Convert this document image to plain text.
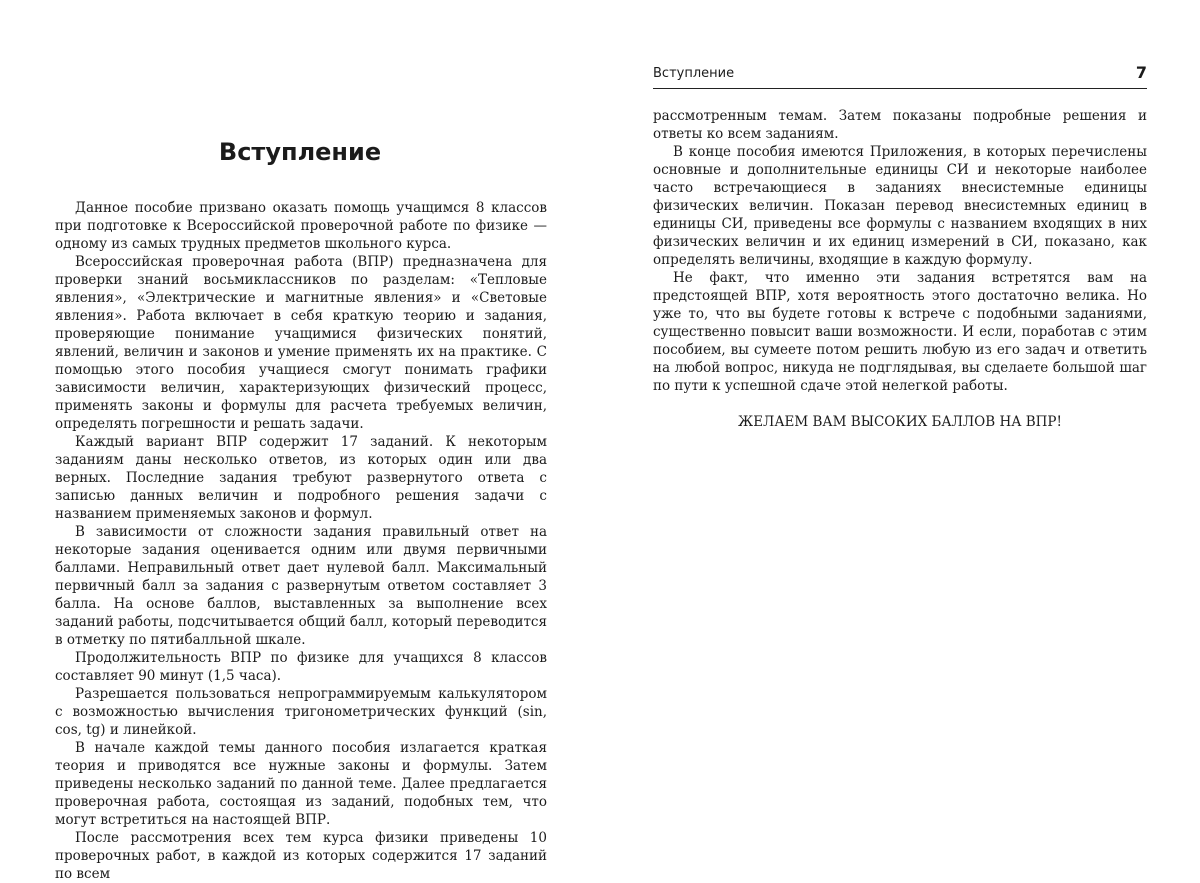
Вступление

Данное пособие призвано оказать помощь учащимся 8 классов при подготовке к Всероссийской проверочной работе по физике — одному из самых трудных предметов школьного курса.

Всероссийская проверочная работа (ВПР) предназначена для проверки знаний восьмиклассников по разделам: «Тепловые явления», «Электрические и магнитные явления» и «Световые явления». Работа включает в себя краткую теорию и задания, проверяющие понимание учащимися физических понятий, явлений, величин и законов и умение применять их на практике. С помощью этого пособия учащиеся смогут понимать графики зависимости величин, характеризующих физический процесс, применять законы и формулы для расчета требуемых величин, определять погрешности и решать задачи.

Каждый вариант ВПР содержит 17 заданий. К некоторым заданиям даны несколько ответов, из которых один или два верных. Последние задания требуют развернутого ответа с записью данных величин и подробного решения задачи с названием применяемых законов и формул.

В зависимости от сложности задания правильный ответ на некоторые задания оценивается одним или двумя первичными баллами. Неправильный ответ дает нулевой балл. Максимальный первичный балл за задания с развернутым ответом составляет 3 балла. На основе баллов, выставленных за выполнение всех заданий работы, подсчитывается общий балл, который переводится в отметку по пятибалльной шкале.

Продолжительность ВПР по физике для учащихся 8 классов составляет 90 минут (1,5 часа).

Разрешается пользоваться непрограммируемым калькулятором с возможностью вычисления тригонометрических функций (sin, cos, tg) и линейкой.

В начале каждой темы данного пособия излагается краткая теория и приводятся все нужные законы и формулы. Затем приведены несколько заданий по данной теме. Далее предлагается проверочная работа, состоящая из заданий, подобных тем, что могут встретиться на настоящей ВПР.

После рассмотрения всех тем курса физики приведены 10 проверочных работ, в каждой из которых содержится 17 заданий по всем

Вступление	7

рассмотренным темам. Затем показаны подробные решения и ответы ко всем заданиям.

В конце пособия имеются Приложения, в которых перечислены основные и дополнительные единицы СИ и некоторые наиболее часто встречающиеся в заданиях внесистемные единицы физических величин. Показан перевод внесистемных единиц в единицы СИ, приведены все формулы с названием входящих в них физических величин и их единиц измерений в СИ, показано, как определять величины, входящие в каждую формулу.

Не факт, что именно эти задания встретятся вам на предстоящей ВПР, хотя вероятность этого достаточно велика. Но уже то, что вы будете готовы к встрече с подобными заданиями, существенно повысит ваши возможности. И если, поработав с этим пособием, вы сумеете потом решить любую из его задач и ответить на любой вопрос, никуда не подглядывая, вы сделаете большой шаг по пути к успешной сдаче этой нелегкой работы.

ЖЕЛАЕМ ВАМ ВЫСОКИХ БАЛЛОВ НА ВПР!
